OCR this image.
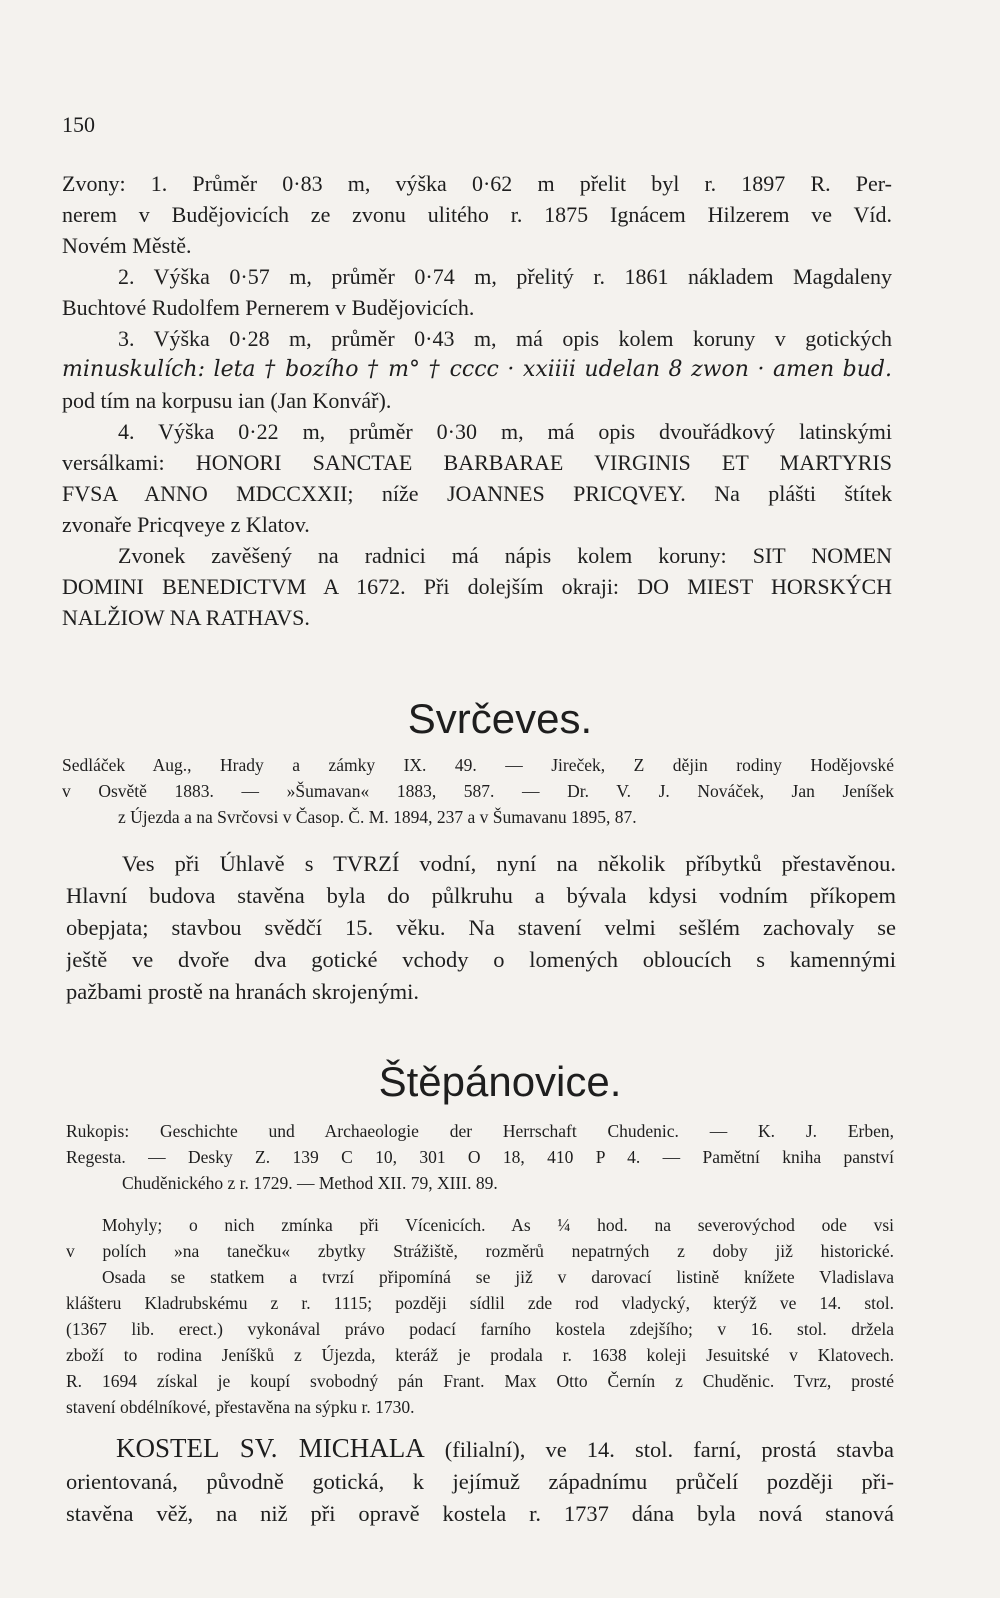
150
Zvony: 1. Průměr 0·83 m, výška 0·62 m přelit byl r. 1897 R. Per-
nerem v Budějovicích ze zvonu ulitého r. 1875 Ignácem Hilzerem ve Víd.
Novém Městě.
2. Výška 0·57 m, průměr 0·74 m, přelitý r. 1861 nákladem Magdaleny
Buchtové Rudolfem Pernerem v Budějovicích.
3. Výška 0·28 m, průměr 0·43 m, má opis kolem koruny v gotických
minuskulích: leta † bozího † m° † cccc · xxiiii udelan 8 zwon · amen bud.
pod tím na korpusu ian (Jan Konvář).
4. Výška 0·22 m, průměr 0·30 m, má opis dvouřádkový latinskými
versálkami: HONORI SANCTAE BARBARAE VIRGINIS ET MARTYRIS
FVSA ANNO MDCCXXII; níže JOANNES PRICQVEY. Na plášti štítek
zvonaře Pricqveye z Klatov.
Zvonek zavěšený na radnici má nápis kolem koruny: SIT NOMEN
DOMINI BENEDICTVM A 1672. Při dolejším okraji: DO MIEST HORSKÝCH
NALŽIOW NA RATHAVS.
Svrčeves.
Sedláček Aug., Hrady a zámky IX. 49. — Jireček, Z dějin rodiny Hodějovské
v Osvětě 1883. — »Šumavan« 1883, 587. — Dr. V. J. Nováček, Jan Jeníšek
z Újezda a na Svrčovsi v Časop. Č. M. 1894, 237 a v Šumavanu 1895, 87.
Ves při Úhlavě s TVRZÍ vodní, nyní na několik příbytků přestavěnou.
Hlavní budova stavěna byla do půlkruhu a bývala kdysi vodním příkopem
obepjata; stavbou svědčí 15. věku. Na stavení velmi sešlém zachovaly se
ještě ve dvoře dva gotické vchody o lomených obloucích s kamennými
pažbami prostě na hranách skrojenými.
Štěpánovice.
Rukopis: Geschichte und Archaeologie der Herrschaft Chudenic. — K. J. Erben,
Regesta. — Desky Z. 139 C 10, 301 O 18, 410 P 4. — Pamětní kniha panství
Chuděnického z r. 1729. — Method XII. 79, XIII. 89.
Mohyly; o nich zmínka při Vícenicích. As ¼ hod. na severovýchod ode vsi
v polích »na tanečku« zbytky Strážiště, rozměrů nepatrných z doby již historické.
Osada se statkem a tvrzí připomíná se již v darovací listině knížete Vladislava
klášteru Kladrubskému z r. 1115; později sídlil zde rod vladycký, kterýž ve 14. stol.
(1367 lib. erect.) vykonával právo podací farního kostela zdejšího; v 16. stol. držela
zboží to rodina Jeníšků z Újezda, kteráž je prodala r. 1638 koleji Jesuitské v Klatovech.
R. 1694 získal je koupí svobodný pán Frant. Max Otto Černín z Chuděnic. Tvrz, prosté
stavení obdélníkové, přestavěna na sýpku r. 1730.
KOSTEL SV. MICHALA (filialní), ve 14. stol. farní, prostá stavba
orientovaná, původně gotická, k jejímuž západnímu průčelí později při-
stavěna věž, na niž při opravě kostela r. 1737 dána byla nová stanová
